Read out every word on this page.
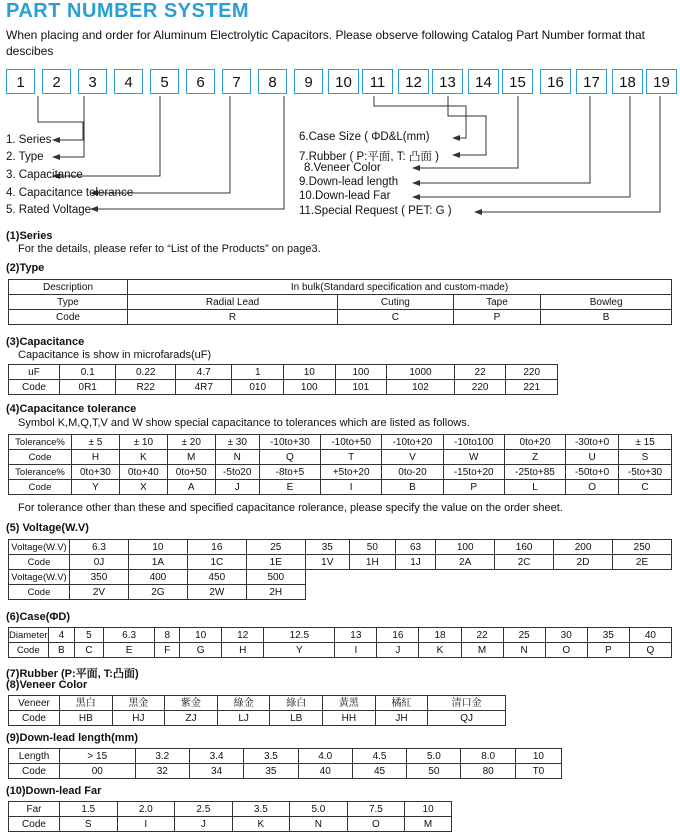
PART NUMBER SYSTEM
When placing and order for Aluminum Electrolytic Capacitors. Please observe following Catalog Part Number format that descibes
1	2	3	4	5	6	7	8	9	10	11	12	13	14	15	16	17	18	19
1. Series
2. Type
3. Capacitance
4. Capacitance tolerance
5. Rated Voltage
6.Case Size ( ΦD&L(mm)
7.Rubber ( P:平面, T: 凸面 )
8.Veneer Color
9.Down-lead length
10.Down-lead Far
11.Special Request ( PET: G )
(1)Series
For the details, please refer to “List of the Products” on page3.
(2)Type
Description	In bulk(Standard specification and custom-made)			
Type	Radial Lead	Cuting	Tape	Bowleg
Code	R	C	P	B
(3)Capacitance
Capacitance is show in microfarads(uF)
uF	0.1	0.22	4.7	1	10	100	1000	22	220
Code	0R1	R22	4R7	010	100	101	102	220	221
(4)Capacitance tolerance
Symbol K,M,Q,T,V and W show special capacitance to tolerances which are listed as follows.
Tolerance%	± 5	± 10	± 20	± 30	-10to+30	-10to+50	-10to+20	-10to100	0to+20	-30to+0	± 15
Code	H	K	M	N	Q	T	V	W	Z	U	S
Tolerance%	0to+30	0to+40	0to+50	-5to20	-8to+5	+5to+20	0to-20	-15to+20	-25to+85	-50to+0	-5to+30
Code	Y	X	A	J	E	I	B	P	L	O	C
For tolerance other than these and specified capacitance rolerance, please specify the value on the order sheet.
(5) Voltage(W.V)
Voltage(W.V)	6.3	10	16	25	35	50	63	100	160	200	250
Code	0J	1A	1C	1E	1V	1H	1J	2A	2C	2D	2E
Voltage(W.V)	350	400	450	500							
Code	2V	2G	2W	2H							
(6)Case(ΦD)
Diameter	4	5	6.3	8	10	12	12.5	13	16	18	22	25	30	35	40
Code	B	C	E	F	G	H	Y	I	J	K	M	N	O	P	Q
(7)Rubber (P:平面, T:凸面)
(8)Veneer Color
Veneer	黑白	黑金	紫金	綠金	綠白	黃黑	橘紅	清口金
Code	HB	HJ	ZJ	LJ	LB	HH	JH	QJ
(9)Down-lead length(mm)
Length	> 15	3.2	3.4	3.5	4.0	4.5	5.0	8.0	10
Code	00	32	34	35	40	45	50	80	T0
(10)Down-lead Far
Far	1.5	2.0	2.5	3.5	5.0	7.5	10
Code	S	I	J	K	N	O	M
